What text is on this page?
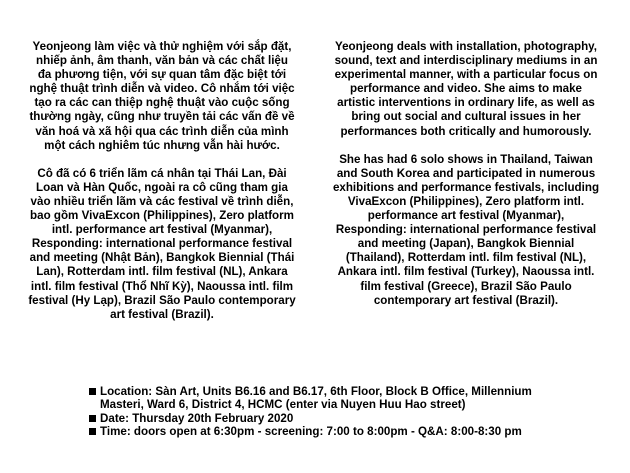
Yeonjeong làm việc và thử nghiệm với sắp đặt, nhiếp ảnh, âm thanh, văn bản và các chất liệu đa phương tiện, với sự quan tâm đặc biệt tới nghệ thuật trình diễn và video. Cô nhắm tới việc tạo ra các can thiệp nghệ thuật vào cuộc sống thường ngày, cũng như truyền tải các vấn đề về văn hoá và xã hội qua các trình diễn của mình một cách nghiêm túc nhưng vẫn hài hước.

Cô đã có 6 triển lãm cá nhân tại Thái Lan, Đài Loan và Hàn Quốc, ngoài ra cô cũng tham gia vào nhiều triển lãm và các festival về trình diễn, bao gồm VivaExcon (Philippines), Zero platform intl. performance art festival (Myanmar), Responding: international performance festival and meeting (Nhật Bản), Bangkok Biennial (Thái Lan), Rotterdam intl. film festival (NL), Ankara intl. film festival (Thổ Nhĩ Kỳ), Naoussa intl. film festival (Hy Lạp), Brazil São Paulo contemporary art festival (Brazil).

Yeonjeong deals with installation, photography, sound, text and interdisciplinary mediums in an experimental manner, with a particular focus on performance and video. She aims to make artistic interventions in ordinary life, as well as bring out social and cultural issues in her performances both critically and humorously.

She has had 6 solo shows in Thailand, Taiwan and South Korea and participated in numerous exhibitions and performance festivals, including VivaExcon (Philippines), Zero platform intl. performance art festival (Myanmar), Responding: international performance festival and meeting (Japan), Bangkok Biennial (Thailand), Rotterdam intl. film festival (NL), Ankara intl. film festival (Turkey), Naoussa intl. film festival (Greece), Brazil São Paulo contemporary art festival (Brazil).

Location: Sàn Art, Units B6.16 and B6.17, 6th Floor, Block B Office, Millennium Masteri, Ward 6, District 4, HCMC (enter via Nuyen Huu Hao street)
Date: Thursday 20th February 2020
Time: doors open at 6:30pm - screening: 7:00 to 8:00pm - Q&A: 8:00-8:30 pm
